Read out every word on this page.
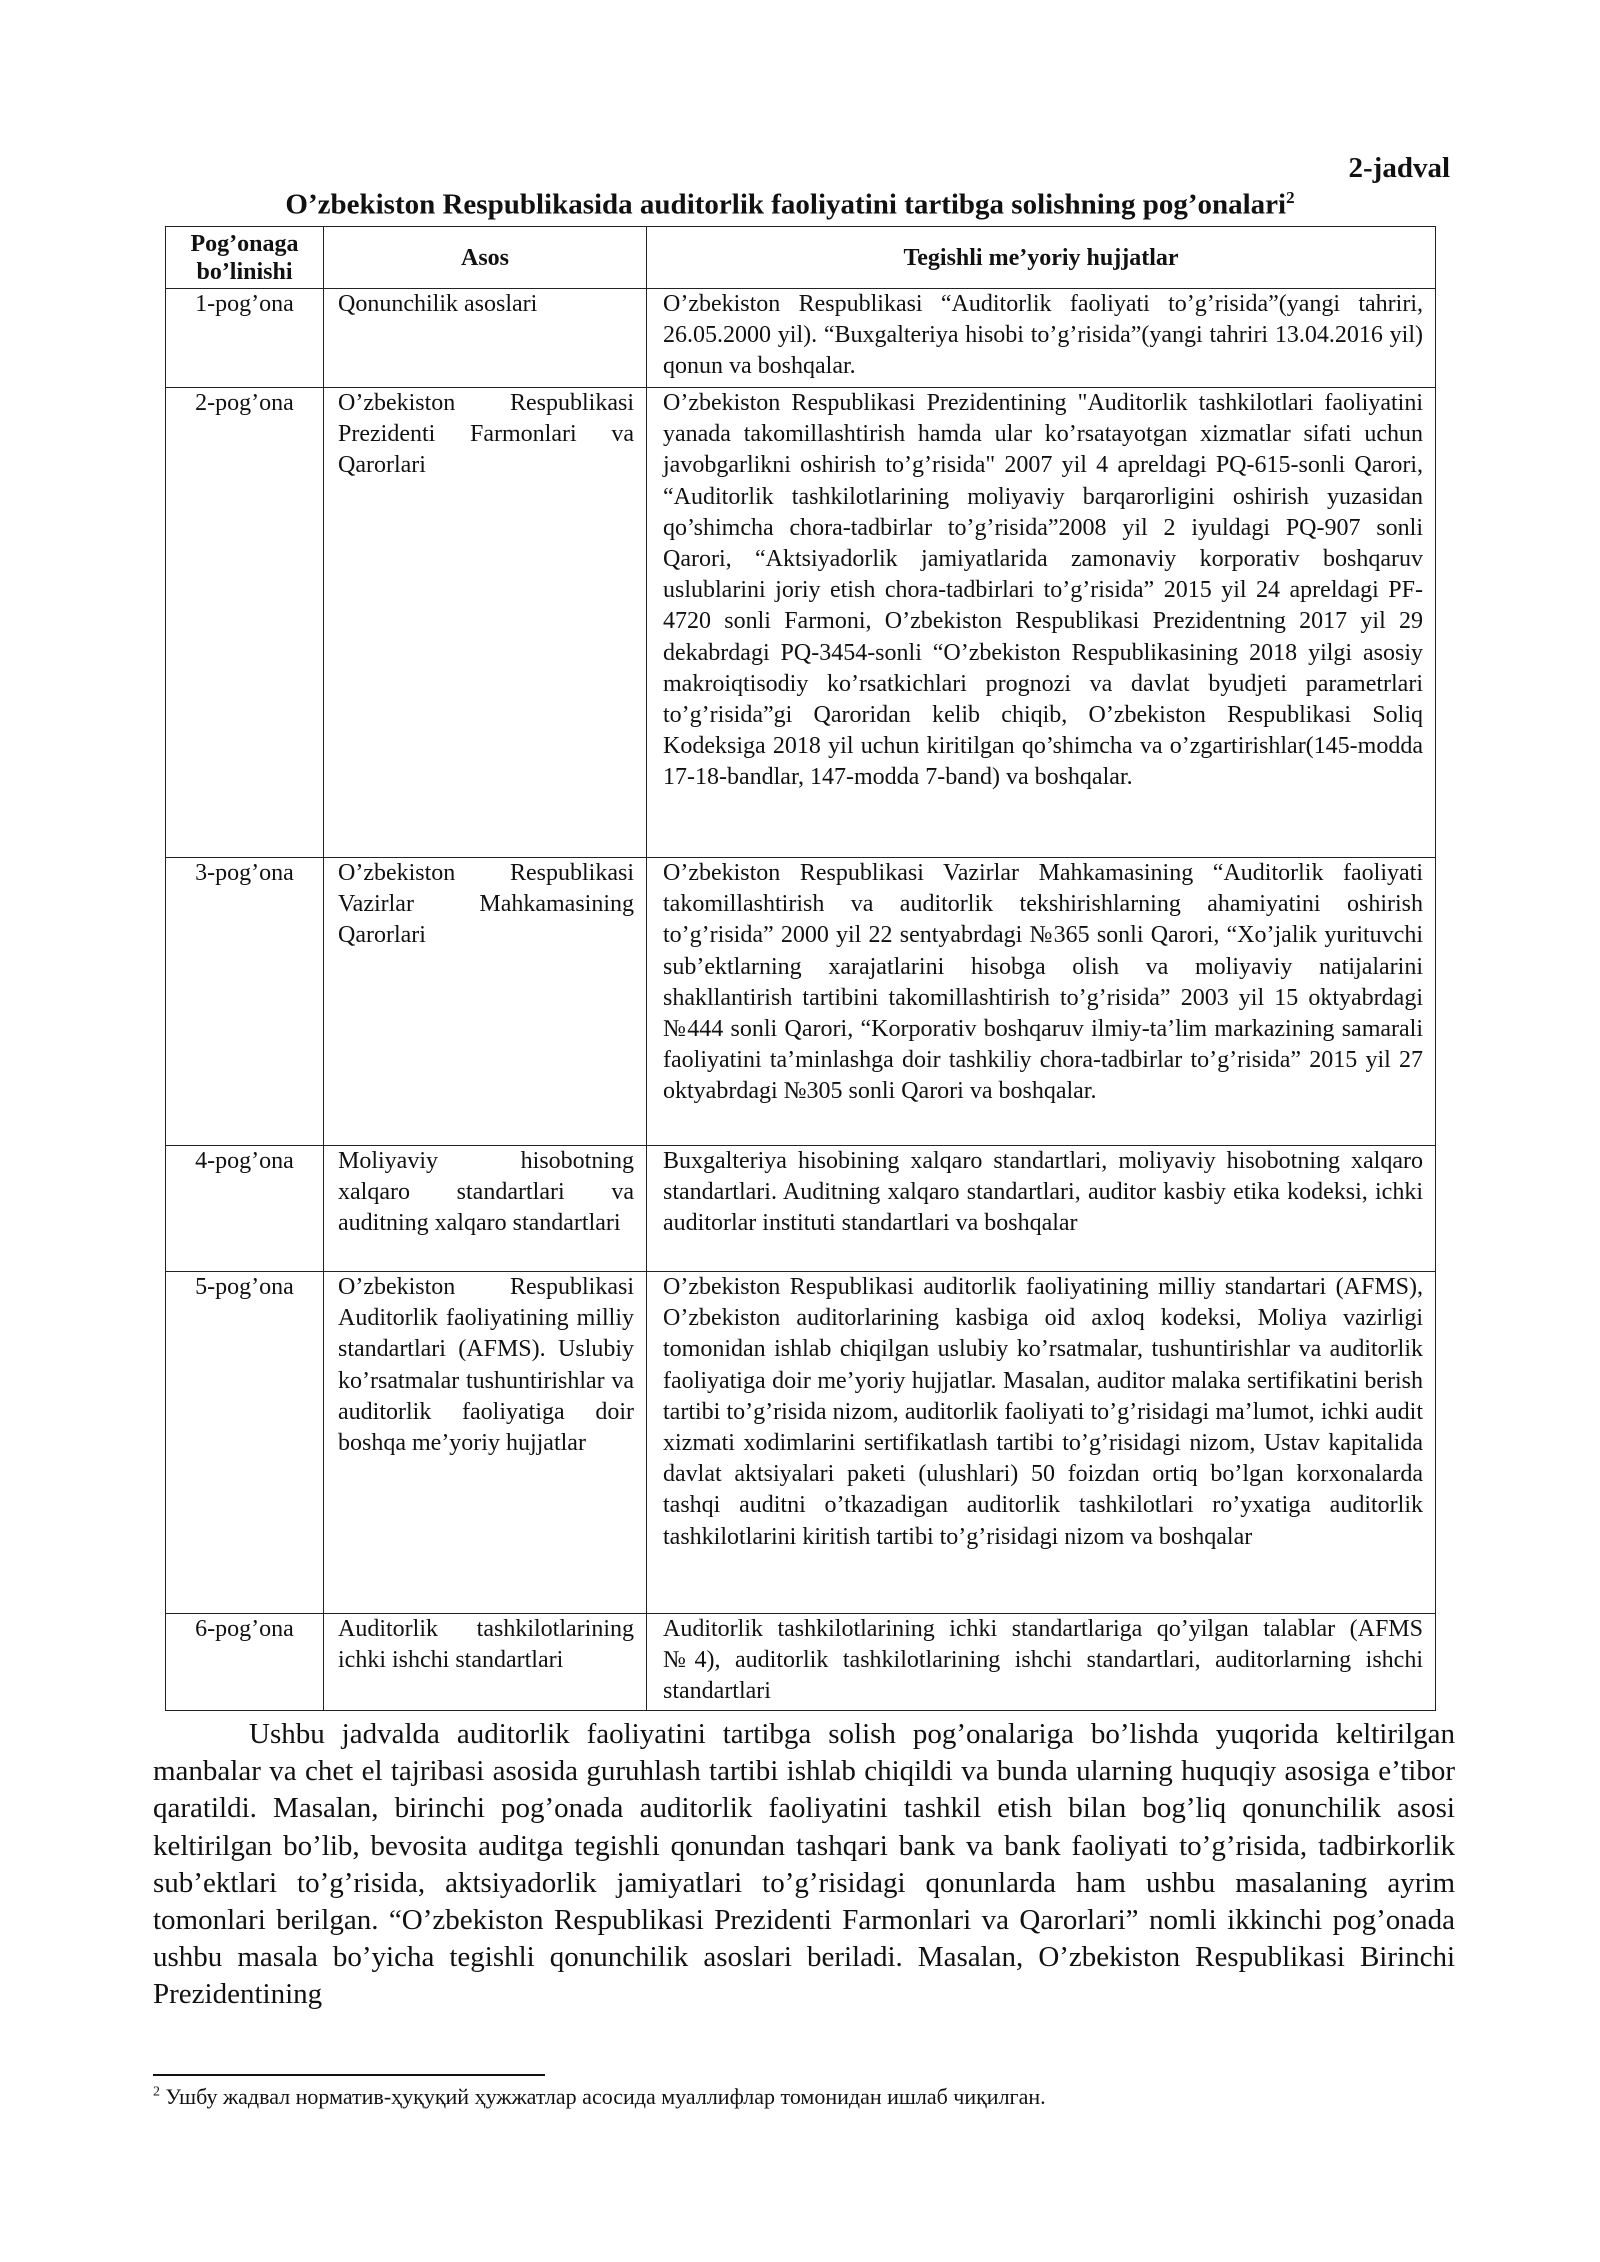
2-jadval
O’zbekiston Respublikasida auditorlik faoliyatini tartibga solishning pog’onalari$^2$
Pog’onaga bo’linishi	Asos	Tegishli me’yoriy hujjatlar
1-pog’ona	Qonunchilik asoslari	O’zbekiston Respublikasi “Auditorlik faoliyati to’g’risida”(yangi tahriri, 26.05.2000 yil). “Buxgalteriya hisobi to’g’risida”(yangi tahriri 13.04.2016 yil) qonun va boshqalar.
2-pog’ona	O’zbekiston Respublikasi Prezidenti Farmonlari va Qarorlari	O’zbekiston Respublikasi Prezidentining "Auditorlik tashkilotlari faoliyatini yanada takomillashtirish hamda ular ko’rsatayotgan xizmatlar sifati uchun javobgarlikni oshirish to’g’risida" 2007 yil 4 apreldagi PQ-615-sonli Qarori, “Auditorlik tashkilotlarining moliyaviy barqarorligini oshirish yuzasidan qo’shimcha chora-tadbirlar to’g’risida”2008 yil 2 iyuldagi PQ-907 sonli Qarori, “Aktsiyadorlik jamiyatlarida zamonaviy korporativ boshqaruv uslublarini joriy etish chora-tadbirlari to’g’risida” 2015 yil 24 apreldagi PF-4720 sonli Farmoni, O’zbekiston Respublikasi Prezidentning 2017 yil 29 dekabrdagi PQ-3454-sonli “O’zbekiston Respublikasining 2018 yilgi asosiy makroiqtisodiy ko’rsatkichlari prognozi va davlat byudjeti parametrlari to’g’risida”gi Qaroridan kelib chiqib, O’zbekiston Respublikasi Soliq Kodeksiga 2018 yil uchun kiritilgan qo’shimcha va o’zgartirishlar(145-modda 17-18-bandlar, 147-modda 7-band) va boshqalar.
3-pog’ona	O’zbekiston Respublikasi Vazirlar Mahkamasining Qarorlari	O’zbekiston Respublikasi Vazirlar Mahkamasining “Auditorlik faoliyati takomillashtirish va auditorlik tekshirishlarning ahamiyatini oshirish to’g’risida” 2000 yil 22 sentyabrdagi №365 sonli Qarori, “Xo’jalik yurituvchi sub’ektlarning xarajatlarini hisobga olish va moliyaviy natijalarini shakllantirish tartibini takomillashtirish to’g’risida” 2003 yil 15 oktyabrdagi №444 sonli Qarori, “Korporativ boshqaruv ilmiy-ta’lim markazining samarali faoliyatini ta’minlashga doir tashkiliy chora-tadbirlar to’g’risida” 2015 yil 27 oktyabrdagi №305 sonli Qarori va boshqalar.
4-pog’ona	Moliyaviy hisobotning xalqaro standartlari va auditning xalqaro standartlari	Buxgalteriya hisobining xalqaro standartlari, moliyaviy hisobotning xalqaro standartlari. Auditning xalqaro standartlari, auditor kasbiy etika kodeksi, ichki auditorlar instituti standartlari va boshqalar
5-pog’ona	O’zbekiston Respublikasi Auditorlik faoliyatining milliy standartlari (AFMS). Uslubiy ko’rsatmalar tushuntirishlar va auditorlik faoliyatiga doir boshqa me’yoriy hujjatlar	O’zbekiston Respublikasi auditorlik faoliyatining milliy standartari (AFMS), O’zbekiston auditorlarining kasbiga oid axloq kodeksi, Moliya vazirligi tomonidan ishlab chiqilgan uslubiy ko’rsatmalar, tushuntirishlar va auditorlik faoliyatiga doir me’yoriy hujjatlar. Masalan, auditor malaka sertifikatini berish tartibi to’g’risida nizom, auditorlik faoliyati to’g’risidagi ma’lumot, ichki audit xizmati xodimlarini sertifikatlash tartibi to’g’risidagi nizom, Ustav kapitalida davlat aktsiyalari paketi (ulushlari) 50 foizdan ortiq bo’lgan korxonalarda tashqi auditni o’tkazadigan auditorlik tashkilotlari ro’yxatiga auditorlik tashkilotlarini kiritish tartibi to’g’risidagi nizom va boshqalar
6-pog’ona	Auditorlik tashkilotlarining ichki ishchi standartlari	Auditorlik tashkilotlarining ichki standartlariga qo’yilgan talablar (AFMS №4), auditorlik tashkilotlarining ishchi standartlari, auditorlarning ishchi standartlari

Ushbu jadvalda auditorlik faoliyatini tartibga solish pog’onalariga bo’lishda yuqorida keltirilgan manbalar va chet el tajribasi asosida guruhlash tartibi ishlab chiqildi va bunda ularning huquqiy asosiga e’tibor qaratildi. Masalan, birinchi pog’onada auditorlik faoliyatini tashkil etish bilan bog’liq qonunchilik asosi keltirilgan bo’lib, bevosita auditga tegishli qonundan tashqari bank va bank faoliyati to’g’risida, tadbirkorlik sub’ektlari to’g’risida, aktsiyadorlik jamiyatlari to’g’risidagi qonunlarda ham ushbu masalaning ayrim tomonlari berilgan. “O’zbekiston Respublikasi Prezidenti Farmonlari va Qarorlari” nomli ikkinchi pog’onada ushbu masala bo’yicha tegishli qonunchilik asoslari beriladi. Masalan, O’zbekiston Respublikasi Birinchi Prezidentining

$^2$ Ушбу жадвал норматив-ҳуқуқий ҳужжатлар асосида муаллифлар томонидан ишлаб чиқилган.
